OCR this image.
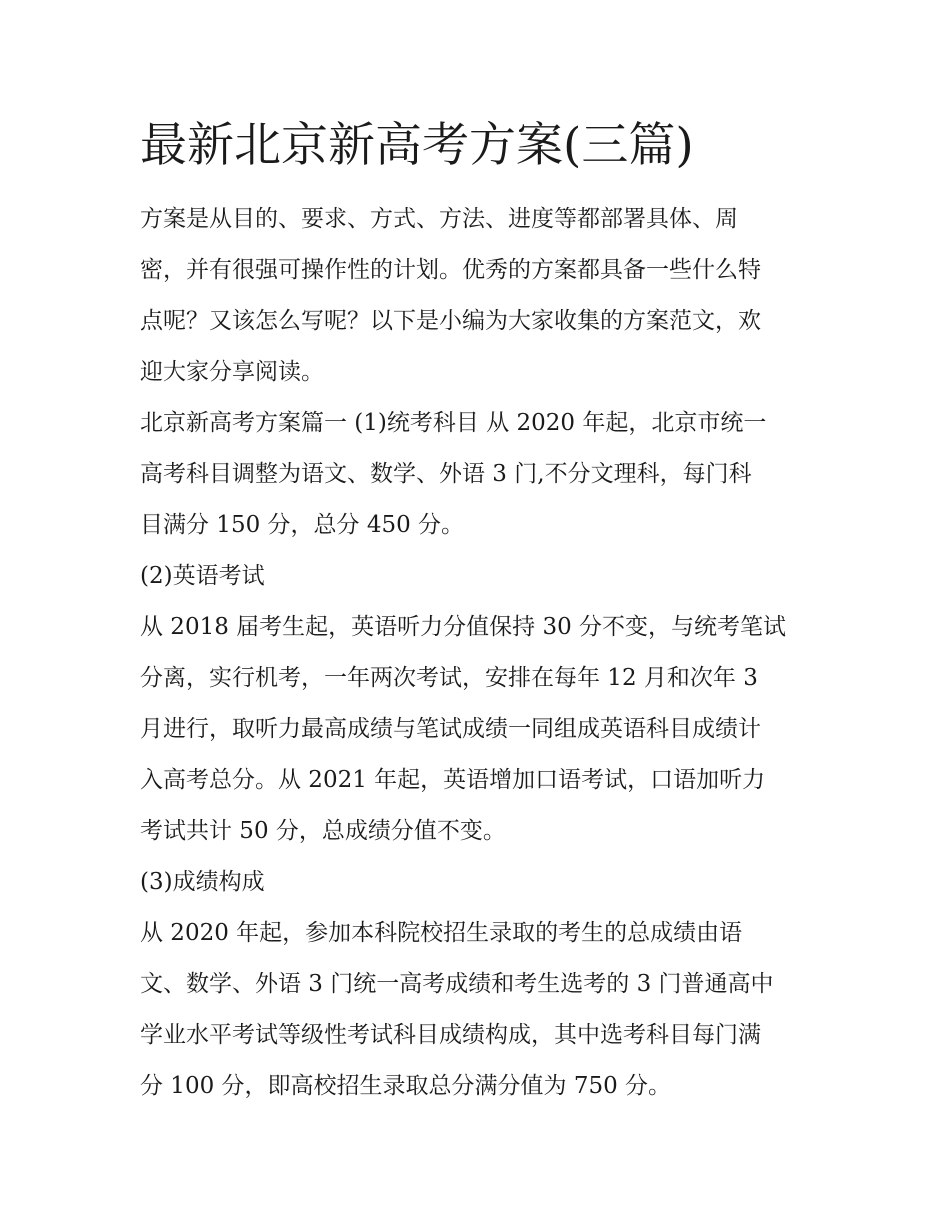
最新北京新高考方案(三篇)

方案是从目的、要求、方式、方法、进度等都部署具体、周
密，并有很强可操作性的计划。优秀的方案都具备一些什么特
点呢？又该怎么写呢？以下是小编为大家收集的方案范文，欢
迎大家分享阅读。

北京新高考方案篇一 (1)统考科目 从 2020 年起，北京市统一
高考科目调整为语文、数学、外语 3 门,不分文理科，每门科
目满分 150 分，总分 450 分。

(2)英语考试

从 2018 届考生起，英语听力分值保持 30 分不变，与统考笔试
分离，实行机考，一年两次考试，安排在每年 12 月和次年 3
月进行，取听力最高成绩与笔试成绩一同组成英语科目成绩计
入高考总分。从 2021 年起，英语增加口语考试，口语加听力
考试共计 50 分，总成绩分值不变。

(3)成绩构成

从 2020 年起，参加本科院校招生录取的考生的总成绩由语
文、数学、外语 3 门统一高考成绩和考生选考的 3 门普通高中
学业水平考试等级性考试科目成绩构成，其中选考科目每门满
分 100 分，即高校招生录取总分满分值为 750 分。
